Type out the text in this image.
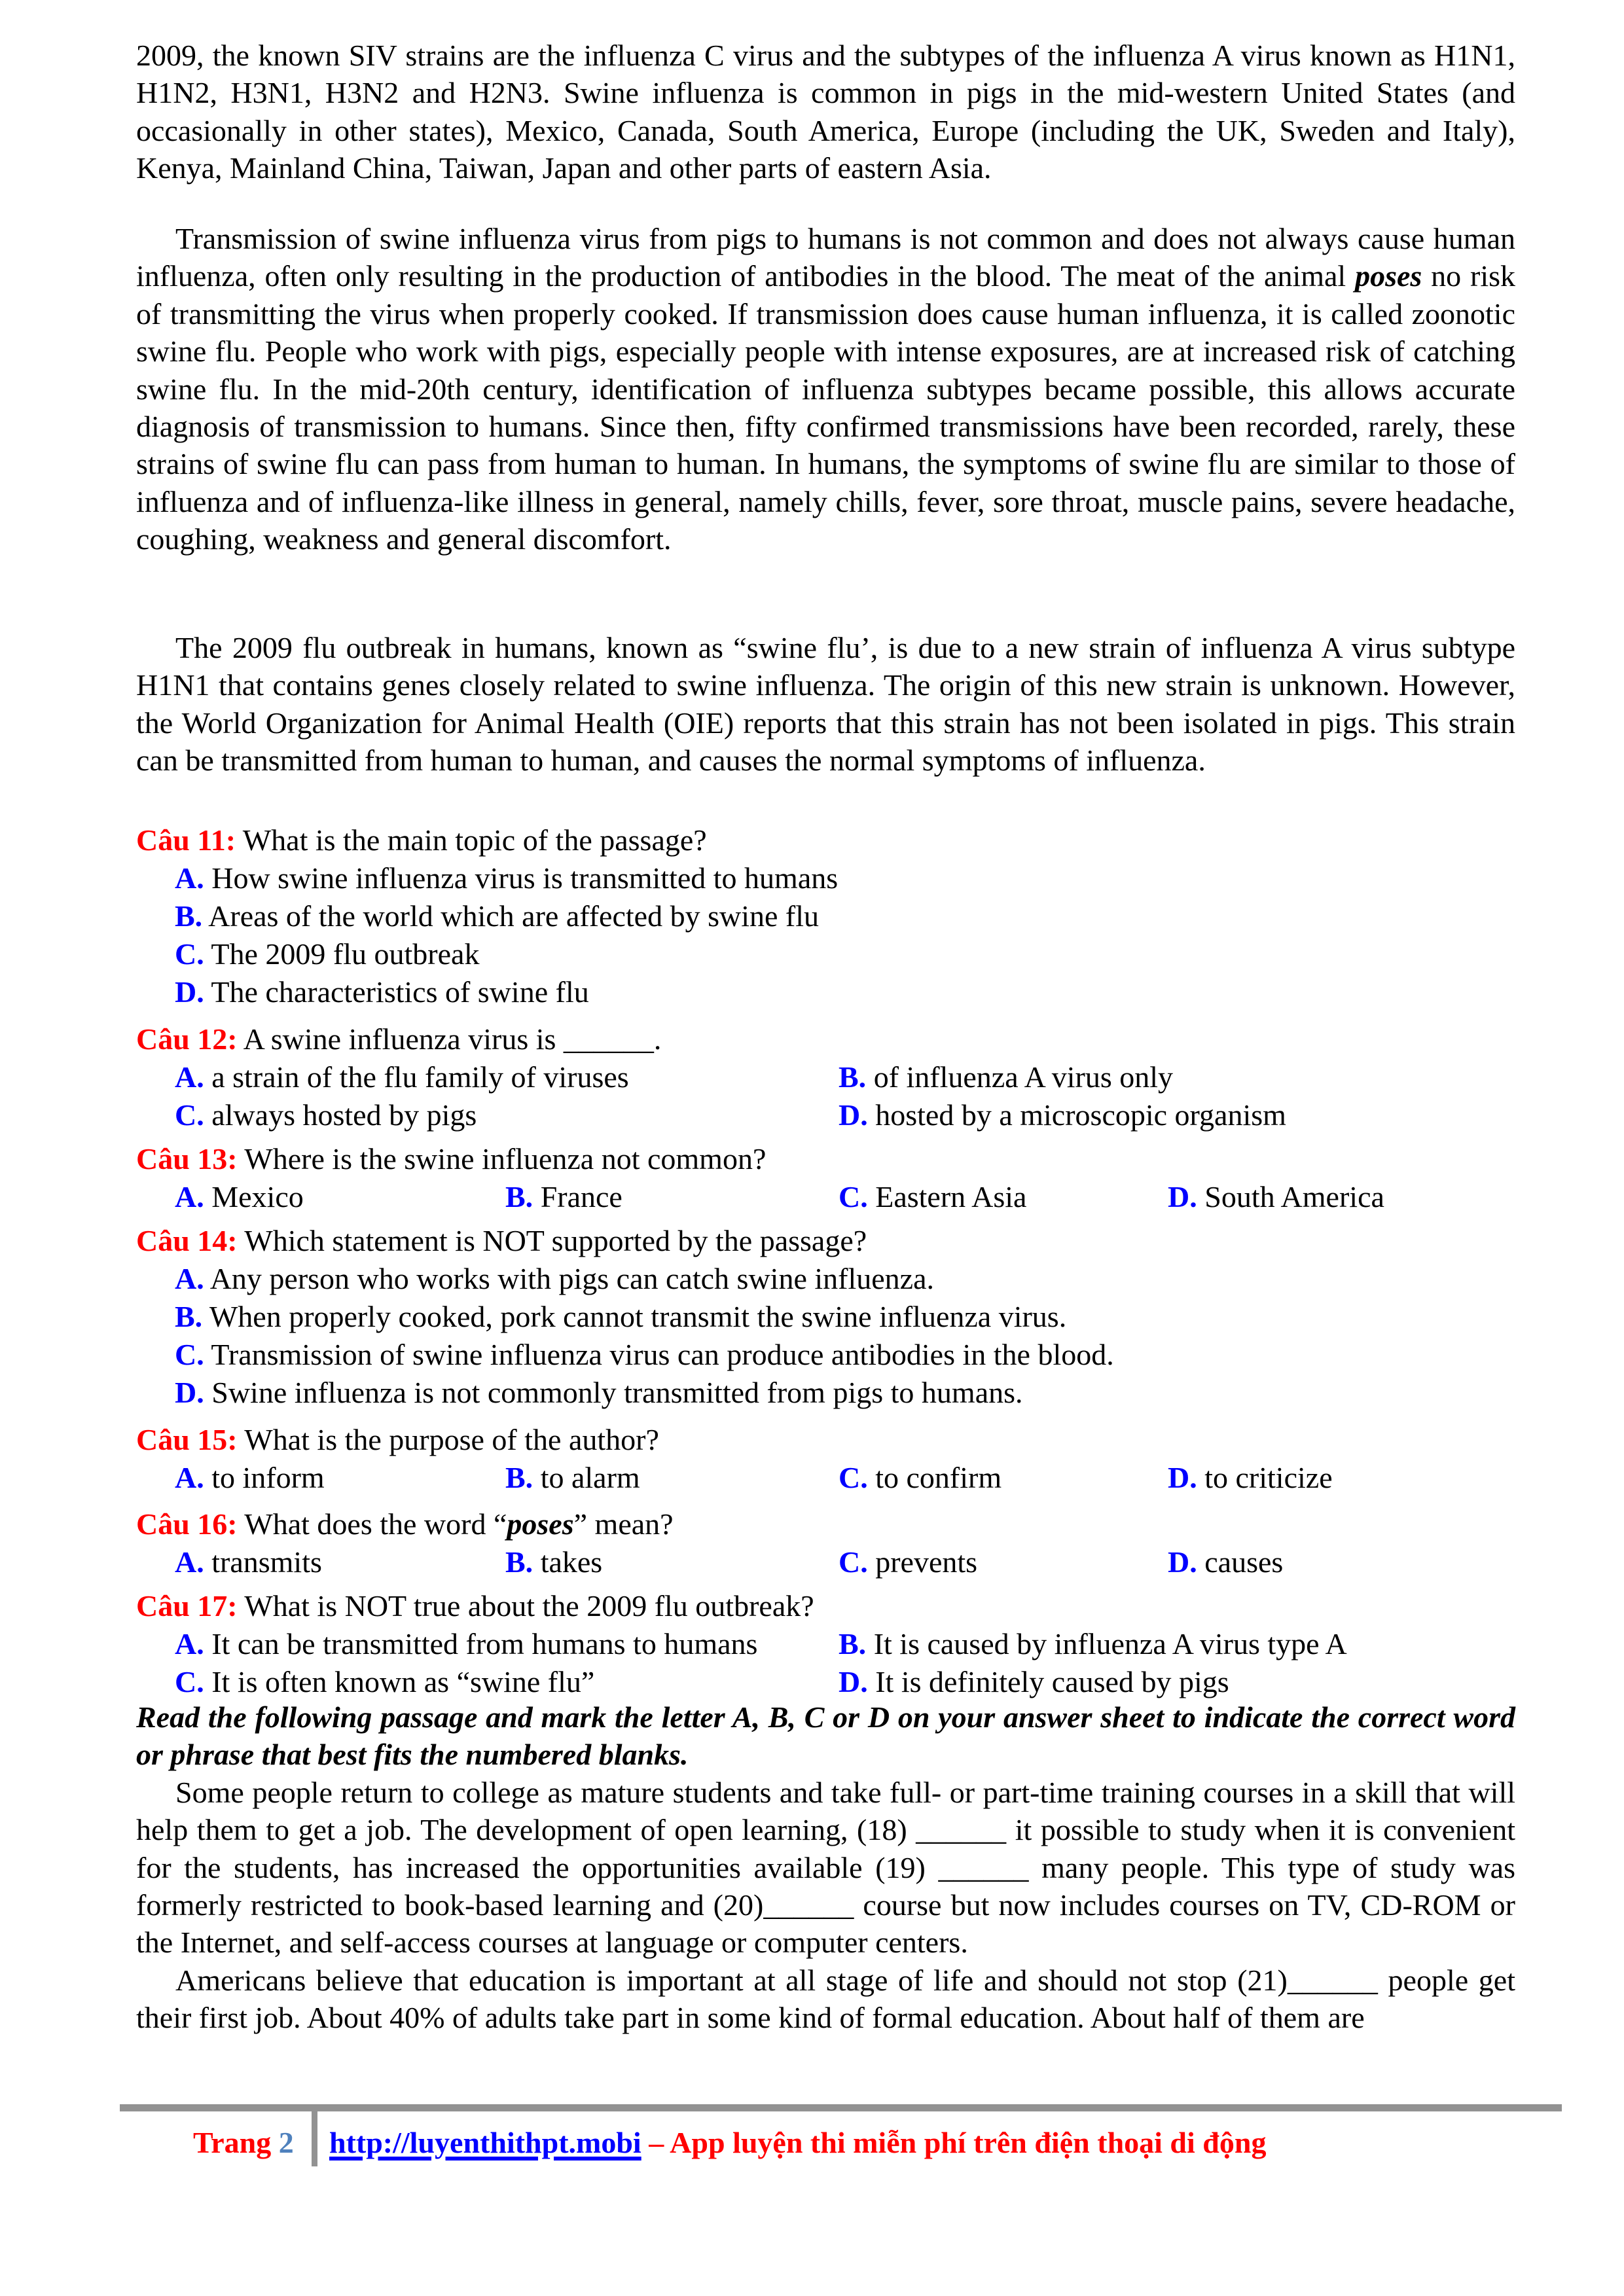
2009, the known SIV strains are the influenza C virus and the subtypes of the influenza A virus known as H1N1, H1N2, H3N1, H3N2 and H2N3. Swine influenza is common in pigs in the mid-western United States (and occasionally in other states), Mexico, Canada, South America, Europe (including the UK, Sweden and Italy), Kenya, Mainland China, Taiwan, Japan and other parts of eastern Asia.

Transmission of swine influenza virus from pigs to humans is not common and does not always cause human influenza, often only resulting in the production of antibodies in the blood. The meat of the animal poses no risk of transmitting the virus when properly cooked. If transmission does cause human influenza, it is called zoonotic swine flu. People who work with pigs, especially people with intense exposures, are at increased risk of catching swine flu. In the mid-20th century, identification of influenza subtypes became possible, this allows accurate diagnosis of transmission to humans. Since then, fifty confirmed transmissions have been recorded, rarely, these strains of swine flu can pass from human to human. In humans, the symptoms of swine flu are similar to those of influenza and of influenza-like illness in general, namely chills, fever, sore throat, muscle pains, severe headache, coughing, weakness and general discomfort.

The 2009 flu outbreak in humans, known as “swine flu’, is due to a new strain of influenza A virus subtype H1N1 that contains genes closely related to swine influenza. The origin of this new strain is unknown. However, the World Organization for Animal Health (OIE) reports that this strain has not been isolated in pigs. This strain can be transmitted from human to human, and causes the normal symptoms of influenza.

Câu 11: What is the main topic of the passage?
A. How swine influenza virus is transmitted to humans
B. Areas of the world which are affected by swine flu
C. The 2009 flu outbreak
D. The characteristics of swine flu
Câu 12: A swine influenza virus is ______.
A. a strain of the flu family of viruses	B. of influenza A virus only
C. always hosted by pigs	D. hosted by a microscopic organism
Câu 13: Where is the swine influenza not common?
A. Mexico	B. France	C. Eastern Asia	D. South America
Câu 14: Which statement is NOT supported by the passage?
A. Any person who works with pigs can catch swine influenza.
B. When properly cooked, pork cannot transmit the swine influenza virus.
C. Transmission of swine influenza virus can produce antibodies in the blood.
D. Swine influenza is not commonly transmitted from pigs to humans.
Câu 15: What is the purpose of the author?
A. to inform	B. to alarm	C. to confirm	D. to criticize
Câu 16: What does the word “poses” mean?
A. transmits	B. takes	C. prevents	D. causes
Câu 17: What is NOT true about the 2009 flu outbreak?
A. It can be transmitted from humans to humans	B. It is caused by influenza A virus type A
C. It is often known as “swine flu”	D. It is definitely caused by pigs

Read the following passage and mark the letter A, B, C or D on your answer sheet to indicate the correct word or phrase that best fits the numbered blanks.

Some people return to college as mature students and take full- or part-time training courses in a skill that will help them to get a job. The development of open learning, (18) ______ it possible to study when it is convenient for the students, has increased the opportunities available (19) ______ many people. This type of study was formerly restricted to book-based learning and (20)______ course but now includes courses on TV, CD-ROM or the Internet, and self-access courses at language or computer centers.

Americans believe that education is important at all stage of life and should not stop (21)______ people get their first job. About 40% of adults take part in some kind of formal education. About half of them are

Trang 2 http://luyenthithpt.mobi – App luyện thi miễn phí trên điện thoại di động
